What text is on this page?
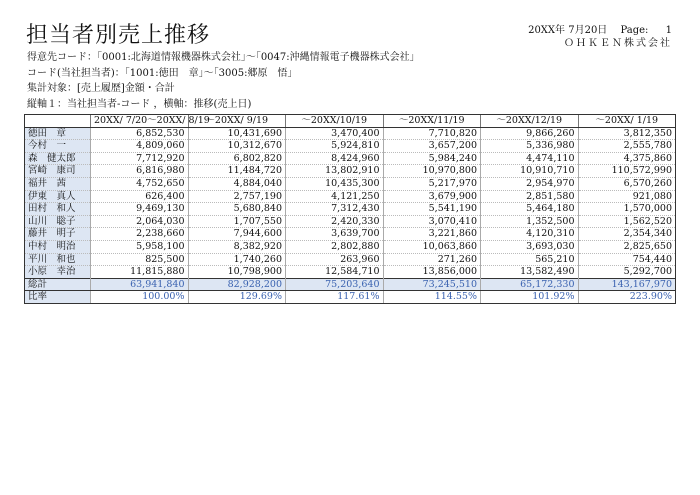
担当者別売上推移	20XX年 7月20日 Page: 1
ＯＨＫＥＮ株式会社
得意先コード：｢0001:北海道情報機器株式会社｣～｢0047:沖縄情報電子機器株式会社｣
コード(当社担当者)：｢1001:徳田　章｣～｢3005:郷原　悟｣
集計対象：[売上履歴]金額・合計
縦軸１：当社担当者-コード ，横軸：推移(売上日)
	20XX/ 7/20～20XX/ 8/19	～20XX/ 9/19	～20XX/10/19	～20XX/11/19	～20XX/12/19	～20XX/ 1/19
徳田　章	6,852,530	10,431,690	3,470,400	7,710,820	9,866,260	3,812,350
今村　一	4,809,060	10,312,670	5,924,810	3,657,200	5,336,980	2,555,780
森　健太郎	7,712,920	6,802,820	8,424,960	5,984,240	4,474,110	4,375,860
宮崎　康司	6,816,980	11,484,720	13,802,910	10,970,800	10,910,710	110,572,990
福井　茜	4,752,650	4,884,040	10,435,300	5,217,970	2,954,970	6,570,260
伊東　真人	626,400	2,757,190	4,121,250	3,679,900	2,851,580	921,080
田村　和人	9,469,130	5,680,840	7,312,430	5,541,190	5,464,180	1,570,000
山川　聡子	2,064,030	1,707,550	2,420,330	3,070,410	1,352,500	1,562,520
藤井　明子	2,238,660	7,944,600	3,639,700	3,221,860	4,120,310	2,354,340
中村　明治	5,958,100	8,382,920	2,802,880	10,063,860	3,693,030	2,825,650
平川　和也	825,500	1,740,260	263,960	271,260	565,210	754,440
小原　幸治	11,815,880	10,798,900	12,584,710	13,856,000	13,582,490	5,292,700
総計	63,941,840	82,928,200	75,203,640	73,245,510	65,172,330	143,167,970
比率	100.00%	129.69%	117.61%	114.55%	101.92%	223.90%
